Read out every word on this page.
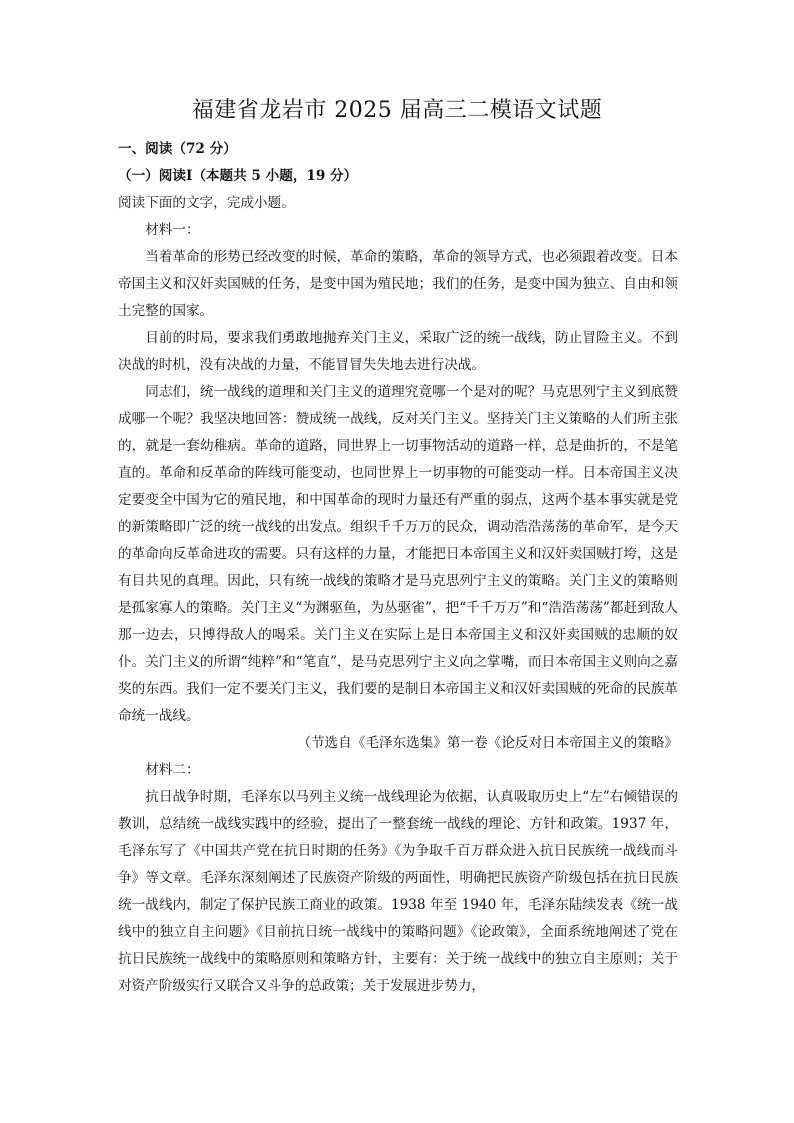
福建省龙岩市 2025 届高三二模语文试题

一、阅读（72 分）

（一）阅读Ⅰ（本题共 5 小题，19 分）

阅读下面的文字，完成小题。

材料一：

当着革命的形势已经改变的时候，革命的策略，革命的领导方式，也必须跟着改变。日本帝国主义和汉奸卖国贼的任务，是变中国为殖民地；我们的任务，是变中国为独立、自由和领土完整的国家。

目前的时局，要求我们勇敢地抛弃关门主义，采取广泛的统一战线，防止冒险主义。不到决战的时机，没有决战的力量，不能冒冒失失地去进行决战。

同志们，统一战线的道理和关门主义的道理究竟哪一个是对的呢？马克思列宁主义到底赞成哪一个呢？我坚决地回答：赞成统一战线，反对关门主义。坚持关门主义策略的人们所主张的，就是一套幼稚病。革命的道路，同世界上一切事物活动的道路一样，总是曲折的，不是笔直的。革命和反革命的阵线可能变动，也同世界上一切事物的可能变动一样。日本帝国主义决定要变全中国为它的殖民地，和中国革命的现时力量还有严重的弱点，这两个基本事实就是党的新策略即广泛的统一战线的出发点。组织千千万万的民众，调动浩浩荡荡的革命军，是今天的革命向反革命进攻的需要。只有这样的力量，才能把日本帝国主义和汉奸卖国贼打垮，这是有目共见的真理。因此，只有统一战线的策略才是马克思列宁主义的策略。关门主义的策略则是孤家寡人的策略。关门主义“为渊驱鱼，为丛驱雀”，把“千千万万”和“浩浩荡荡”都赶到敌人那一边去，只博得敌人的喝采。关门主义在实际上是日本帝国主义和汉奸卖国贼的忠顺的奴仆。关门主义的所谓“纯粹”和“笔直”，是马克思列宁主义向之掌嘴，而日本帝国主义则向之嘉奖的东西。我们一定不要关门主义，我们要的是制日本帝国主义和汉奸卖国贼的死命的民族革命统一战线。

（节选自《毛泽东选集》第一卷《论反对日本帝国主义的策略》

材料二：

抗日战争时期，毛泽东以马列主义统一战线理论为依据，认真吸取历史上“左”右倾错误的教训，总结统一战线实践中的经验，提出了一整套统一战线的理论、方针和政策。1937 年，毛泽东写了《中国共产党在抗日时期的任务》《为争取千百万群众进入抗日民族统一战线而斗争》等文章。毛泽东深刻阐述了民族资产阶级的两面性，明确把民族资产阶级包括在抗日民族统一战线内，制定了保护民族工商业的政策。1938 年至 1940 年，毛泽东陆续发表《统一战线中的独立自主问题》《目前抗日统一战线中的策略问题》《论政策》，全面系统地阐述了党在抗日民族统一战线中的策略原则和策略方针，主要有：关于统一战线中的独立自主原则；关于对资产阶级实行又联合又斗争的总政策；关于发展进步势力，
